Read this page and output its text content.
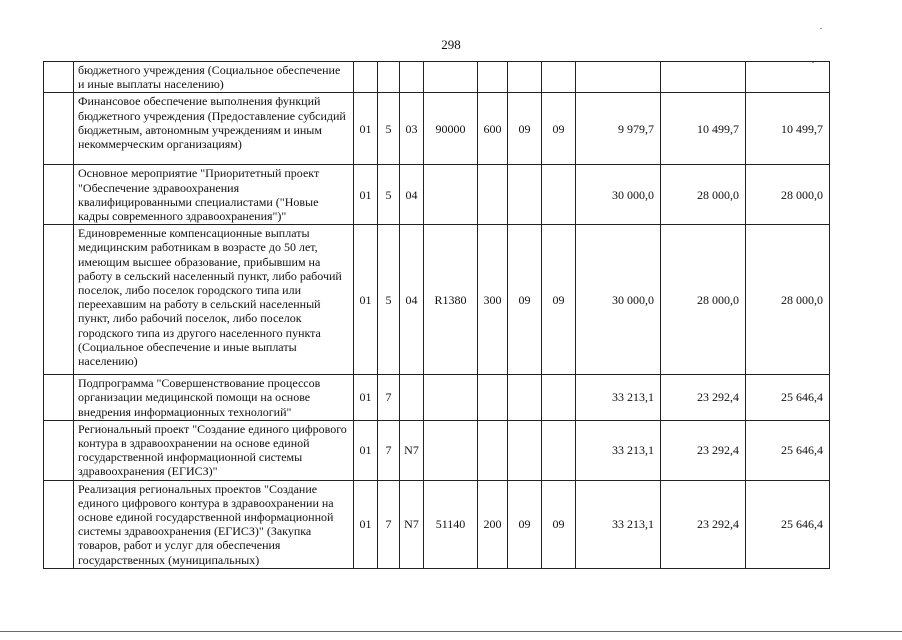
298
	бюджетного учреждения (Социальное обеспечение и иные выплаты населению)										
	Финансовое обеспечение выполнения функций бюджетного учреждения (Предоставление субсидий бюджетным, автономным учреждениям и иным некоммерческим организациям)	01	5	03	90000	600	09	09	9 979,7	10 499,7	10 499,7
	Основное мероприятие "Приоритетный проект "Обеспечение здравоохранения квалифицированными специалистами ("Новые кадры современного здравоохранения")"	01	5	04					30 000,0	28 000,0	28 000,0
	Единовременные компенсационные выплаты медицинским работникам в возрасте до 50 лет, имеющим высшее образование, прибывшим на работу в сельский населенный пункт, либо рабочий поселок, либо поселок городского типа или переехавшим на работу в сельский населенный пункт, либо рабочий поселок, либо поселок городского типа из другого населенного пункта (Социальное обеспечение и иные выплаты населению)	01	5	04	R1380	300	09	09	30 000,0	28 000,0	28 000,0
	Подпрограмма "Совершенствование процессов организации медицинской помощи на основе внедрения информационных технологий"	01	7						33 213,1	23 292,4	25 646,4
	Региональный проект "Создание единого цифрового контура в здравоохранении на основе единой государственной информационной системы здравоохранения (ЕГИСЗ)"	01	7	N7					33 213,1	23 292,4	25 646,4
	Реализация региональных проектов "Создание единого цифрового контура в здравоохранении на основе единой государственной информационной системы здравоохранения (ЕГИСЗ)" (Закупка товаров, работ и услуг для обеспечения государственных (муниципальных)	01	7	N7	51140	200	09	09	33 213,1	23 292,4	25 646,4
